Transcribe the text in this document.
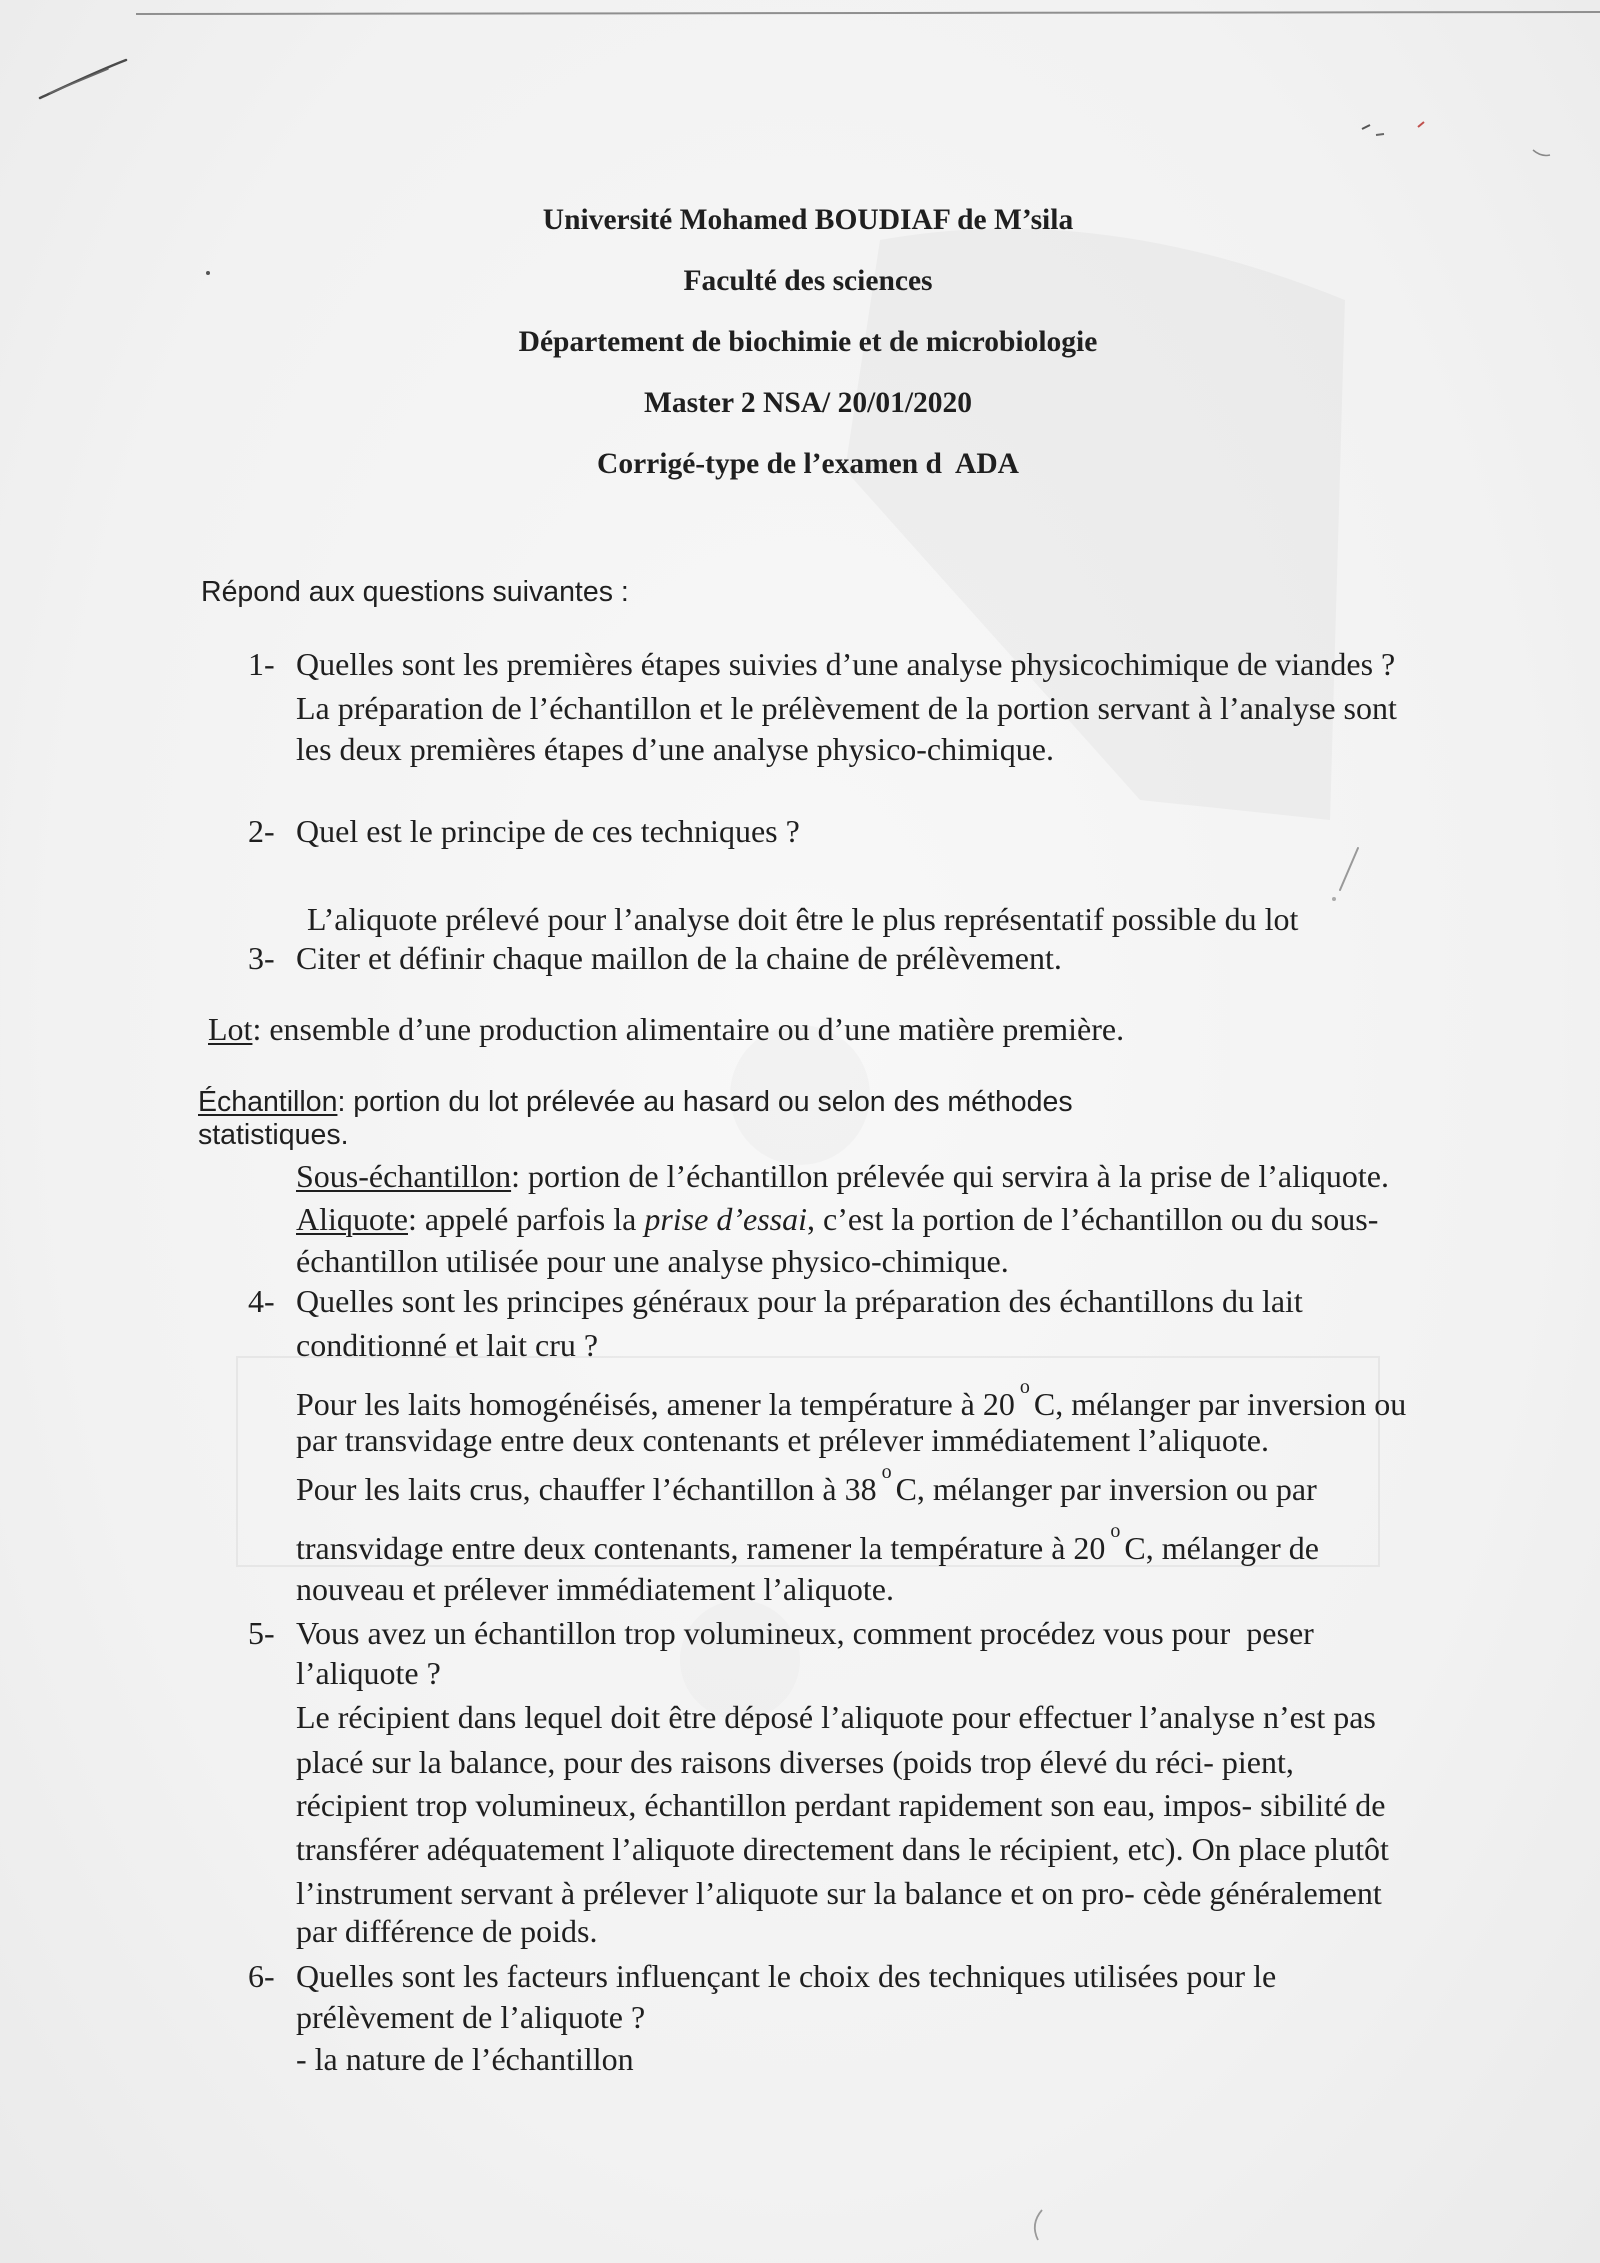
Université Mohamed BOUDIAF de M’sila
Faculté des sciences
Département de biochimie et de microbiologie
Master 2 NSA/ 20/01/2020
Corrigé-type de l’examen d  ADA
Répond aux questions suivantes :
1- Quelles sont les premières étapes suivies d’une analyse physicochimique de viandes ?
La préparation de l’échantillon et le prélèvement de la portion servant à l’analyse sont
les deux premières étapes d’une analyse physico-chimique.
2- Quel est le principe de ces techniques ?
L’aliquote prélevé pour l’analyse doit être le plus représentatif possible du lot
3- Citer et définir chaque maillon de la chaine de prélèvement.
Lot: ensemble d’une production alimentaire ou d’une matière première.
Échantillon: portion du lot prélevée au hasard ou selon des méthodes
statistiques.
Sous-échantillon: portion de l’échantillon prélevée qui servira à la prise de l’aliquote.
Aliquote: appelé parfois la prise d’essai, c’est la portion de l’échantillon ou du sous-
échantillon utilisée pour une analyse physico-chimique.
4- Quelles sont les principes généraux pour la préparation des échantillons du lait
conditionné et lait cru ?
Pour les laits homogénéisés, amener la température à 20 $^o$ C, mélanger par inversion ou
par transvidage entre deux contenants et prélever immédiatement l’aliquote.
Pour les laits crus, chauffer l’échantillon à 38 $^o$ C, mélanger par inversion ou par
transvidage entre deux contenants, ramener la température à 20 $^o$ C, mélanger de
nouveau et prélever immédiatement l’aliquote.
5- Vous avez un échantillon trop volumineux, comment procédez vous pour  peser
l’aliquote ?
Le récipient dans lequel doit être déposé l’aliquote pour effectuer l’analyse n’est pas
placé sur la balance, pour des raisons diverses (poids trop élevé du réci- pient,
récipient trop volumineux, échantillon perdant rapidement son eau, impos- sibilité de
transférer adéquatement l’aliquote directement dans le récipient, etc). On place plutôt
l’instrument servant à prélever l’aliquote sur la balance et on pro- cède généralement
par différence de poids.
6- Quelles sont les facteurs influençant le choix des techniques utilisées pour le
prélèvement de l’aliquote ?
- la nature de l’échantillon
